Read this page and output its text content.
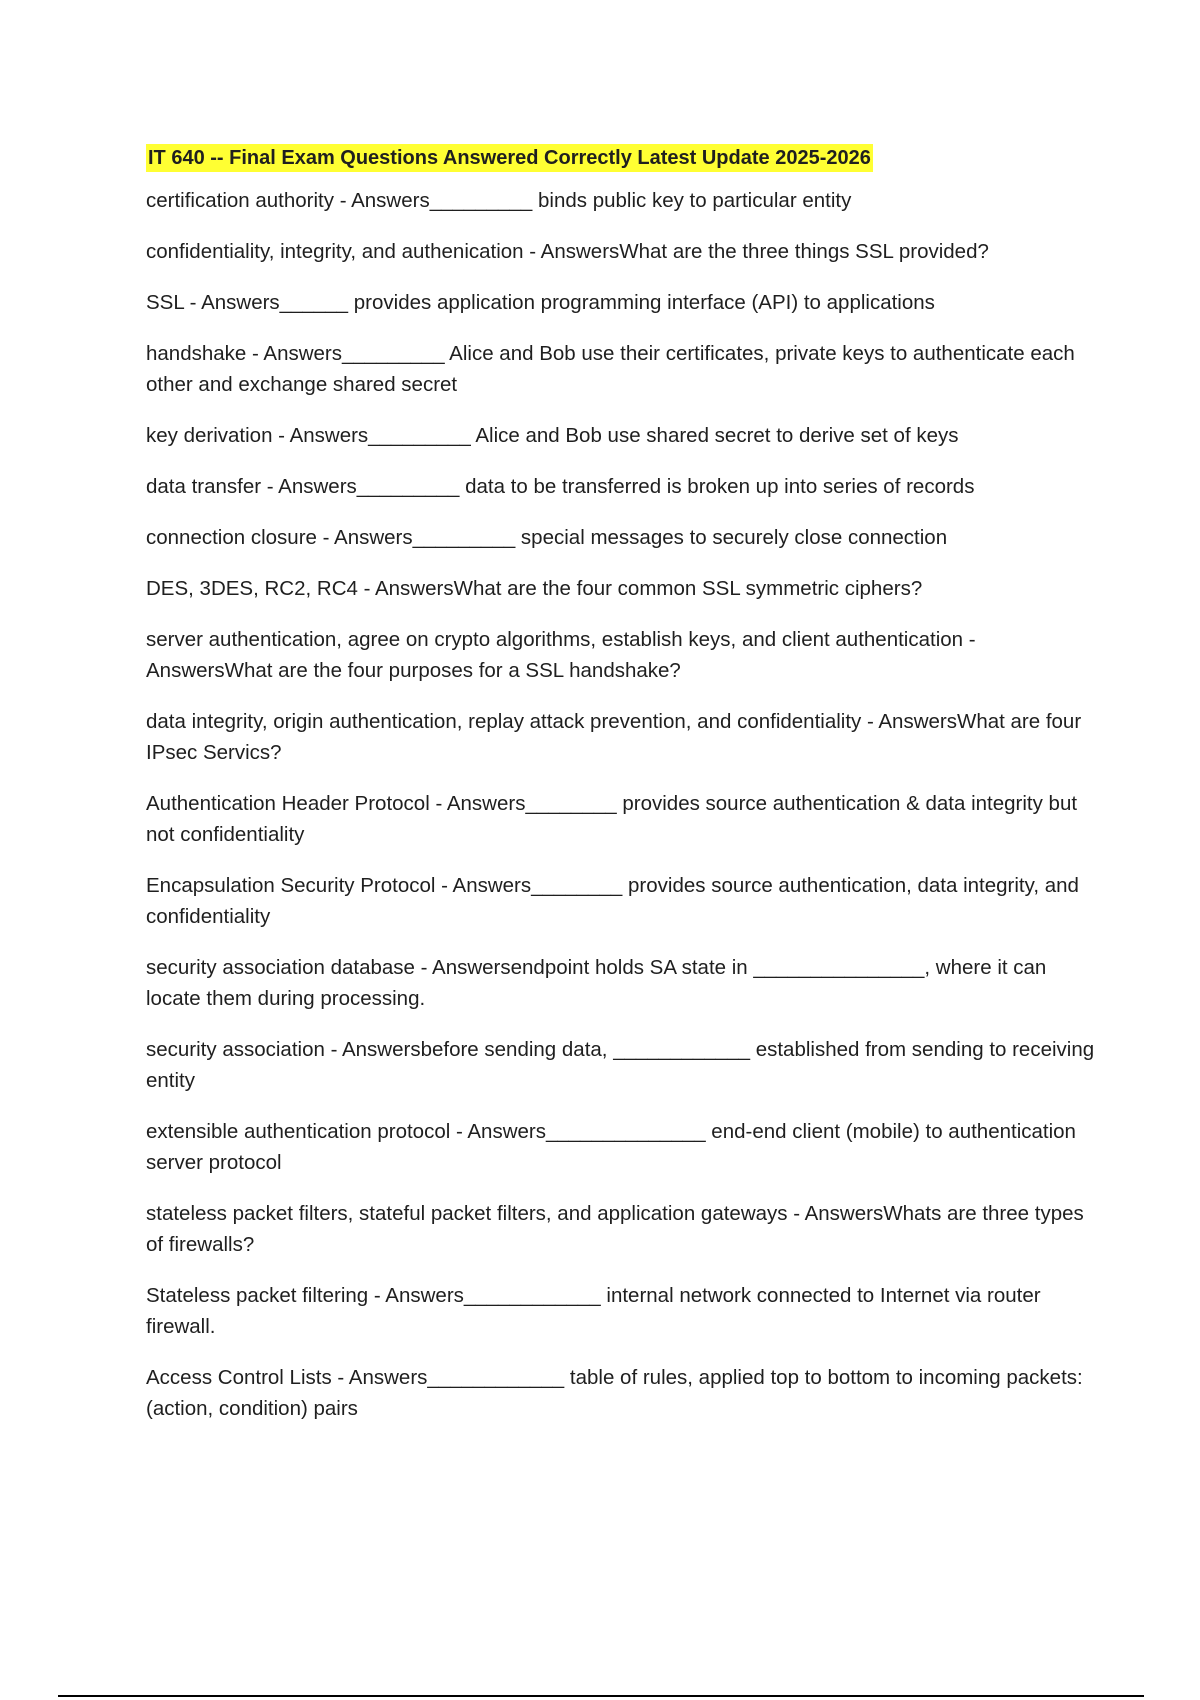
IT 640 -- Final Exam Questions Answered Correctly Latest Update 2025-2026
certification authority - Answers_________ binds public key to particular entity
confidentiality, integrity, and authenication - AnswersWhat are the three things SSL provided?
SSL - Answers______ provides application programming interface (API) to applications
handshake - Answers_________ Alice and Bob use their certificates, private keys to authenticate each other and exchange shared secret
key derivation - Answers_________ Alice and Bob use shared secret to derive set of keys
data transfer - Answers_________ data to be transferred is broken up into series of records
connection closure - Answers_________ special messages to securely close connection
DES, 3DES, RC2, RC4 - AnswersWhat are the four common SSL symmetric ciphers?
server authentication, agree on crypto algorithms, establish keys, and client authentication - AnswersWhat are the four purposes for a SSL handshake?
data integrity, origin authentication, replay attack prevention, and confidentiality - AnswersWhat are four IPsec Servics?
Authentication Header Protocol - Answers________ provides source authentication & data integrity but not confidentiality
Encapsulation Security Protocol - Answers________ provides source authentication, data integrity, and confidentiality
security association database - Answersendpoint holds SA state in _______________, where it can locate them during processing.
security association - Answersbefore sending data, ____________ established from sending to receiving entity
extensible authentication protocol - Answers______________ end-end client (mobile) to authentication server protocol
stateless packet filters, stateful packet filters, and application gateways - AnswersWhats are three types of firewalls?
Stateless packet filtering - Answers____________ internal network connected to Internet via router firewall.
Access Control Lists - Answers____________ table of rules, applied top to bottom to incoming packets: (action, condition) pairs
